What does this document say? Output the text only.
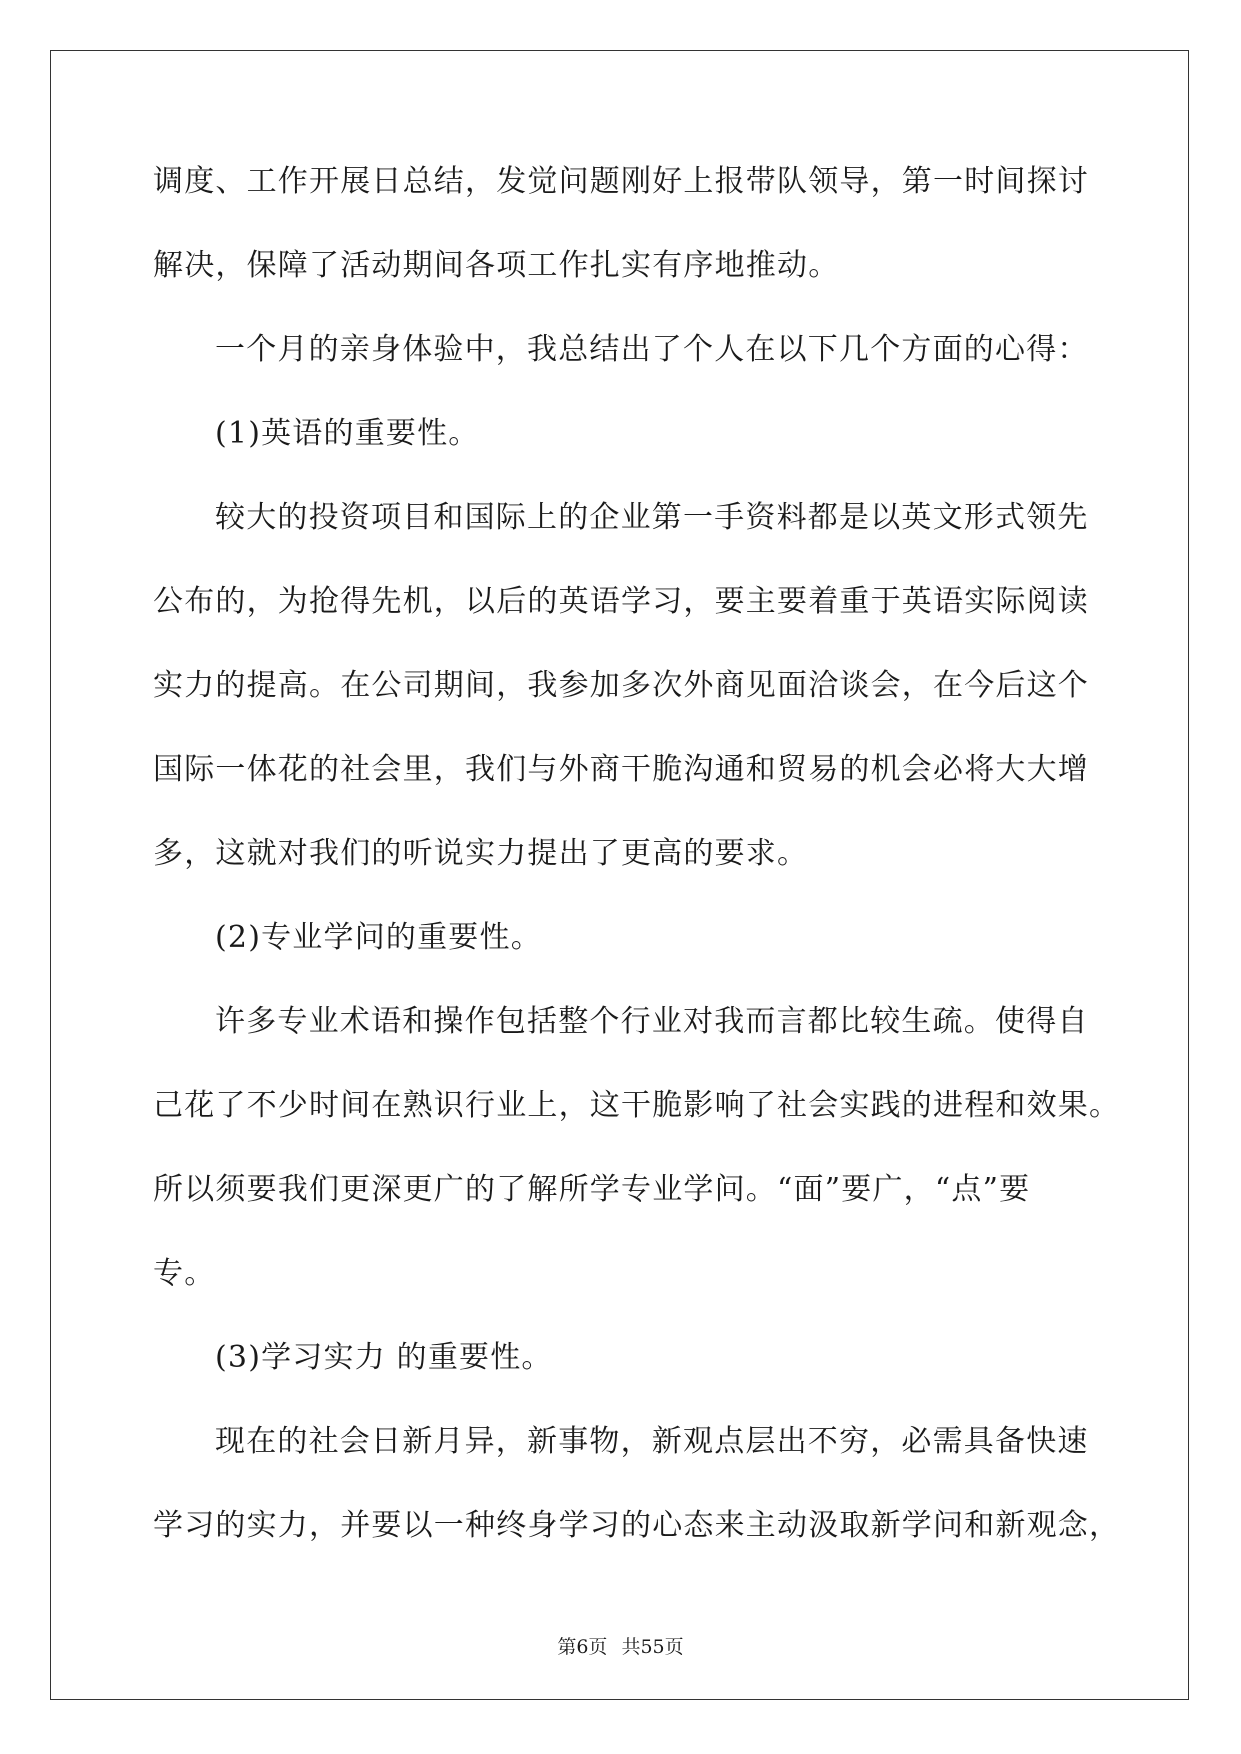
调度、工作开展日总结，发觉问题刚好上报带队领导，第一时间探讨
解决，保障了活动期间各项工作扎实有序地推动。
一个月的亲身体验中，我总结出了个人在以下几个方面的心得：
(1)英语的重要性。
较大的投资项目和国际上的企业第一手资料都是以英文形式领先
公布的，为抢得先机，以后的英语学习，要主要着重于英语实际阅读
实力的提高。在公司期间，我参加多次外商见面洽谈会，在今后这个
国际一体花的社会里，我们与外商干脆沟通和贸易的机会必将大大增
多，这就对我们的听说实力提出了更高的要求。
(2)专业学问的重要性。
许多专业术语和操作包括整个行业对我而言都比较生疏。使得自
己花了不少时间在熟识行业上，这干脆影响了社会实践的进程和效果。
所以须要我们更深更广的了解所学专业学问。“面”要广，“点”要
专。
(3)学习实力 的重要性。
现在的社会日新月异，新事物，新观点层出不穷，必需具备快速
学习的实力，并要以一种终身学习的心态来主动汲取新学问和新观念，
第6页 共55页
